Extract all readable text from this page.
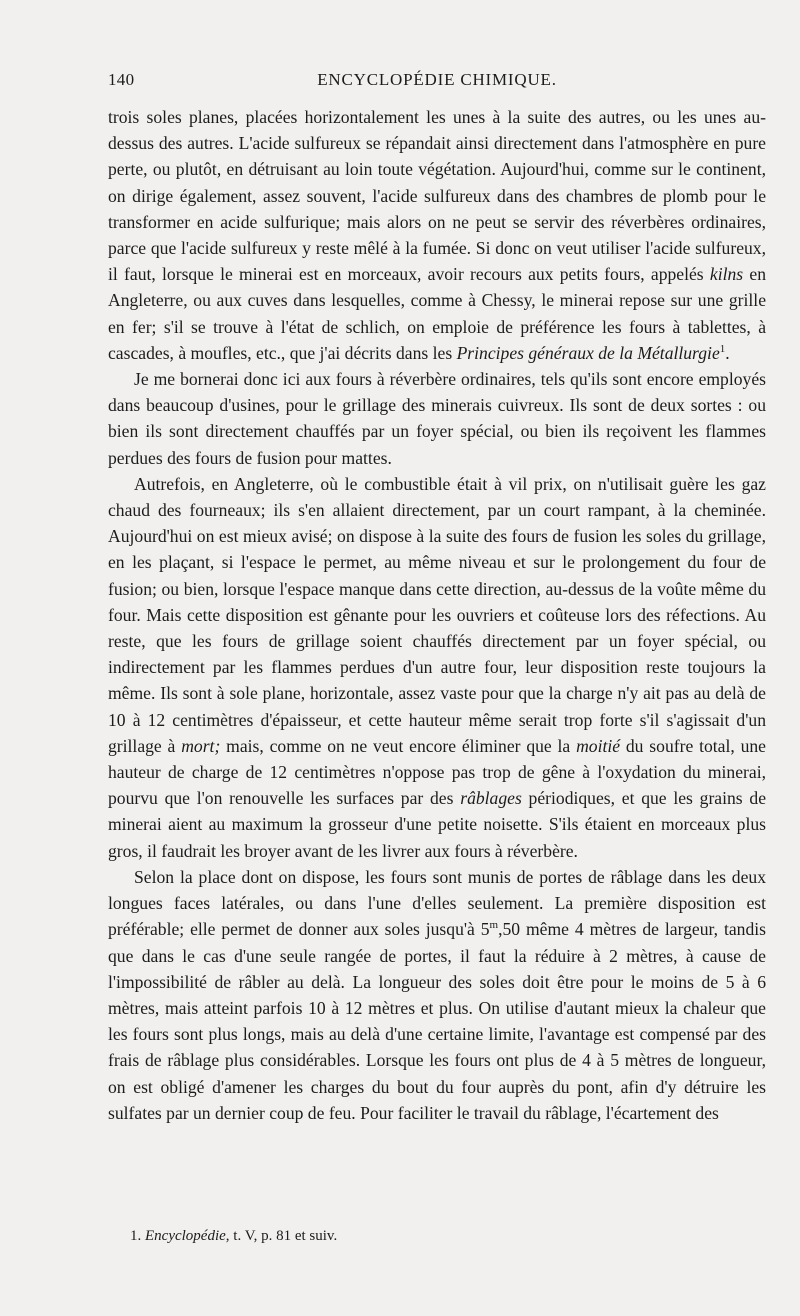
140	ENCYCLOPÉDIE CHIMIQUE.

trois soles planes, placées horizontalement les unes à la suite des autres, ou les unes au-dessus des autres. L'acide sulfureux se répandait ainsi directement dans l'atmosphère en pure perte, ou plutôt, en détruisant au loin toute végétation. Aujourd'hui, comme sur le continent, on dirige également, assez souvent, l'acide sulfureux dans des chambres de plomb pour le transformer en acide sulfurique; mais alors on ne peut se servir des réverbères ordinaires, parce que l'acide sulfureux y reste mêlé à la fumée. Si donc on veut utiliser l'acide sulfureux, il faut, lorsque le minerai est en morceaux, avoir recours aux petits fours, appelés kilns en Angleterre, ou aux cuves dans lesquelles, comme à Chessy, le minerai repose sur une grille en fer; s'il se trouve à l'état de schlich, on emploie de préférence les fours à tablettes, à cascades, à moufles, etc., que j'ai décrits dans les Principes généraux de la Métallurgie$^1$.

Je me bornerai donc ici aux fours à réverbère ordinaires, tels qu'ils sont encore employés dans beaucoup d'usines, pour le grillage des minerais cuivreux. Ils sont de deux sortes : ou bien ils sont directement chauffés par un foyer spécial, ou bien ils reçoivent les flammes perdues des fours de fusion pour mattes.

Autrefois, en Angleterre, où le combustible était à vil prix, on n'utilisait guère les gaz chaud des fourneaux; ils s'en allaient directement, par un court rampant, à la cheminée. Aujourd'hui on est mieux avisé; on dispose à la suite des fours de fusion les soles du grillage, en les plaçant, si l'espace le permet, au même niveau et sur le prolongement du four de fusion; ou bien, lorsque l'espace manque dans cette direction, au-dessus de la voûte même du four. Mais cette disposition est gênante pour les ouvriers et coûteuse lors des réfections. Au reste, que les fours de grillage soient chauffés directement par un foyer spécial, ou indirectement par les flammes perdues d'un autre four, leur disposition reste toujours la même. Ils sont à sole plane, horizontale, assez vaste pour que la charge n'y ait pas au delà de 10 à 12 centimètres d'épaisseur, et cette hauteur même serait trop forte s'il s'agissait d'un grillage à mort; mais, comme on ne veut encore éliminer que la moitié du soufre total, une hauteur de charge de 12 centimètres n'oppose pas trop de gêne à l'oxydation du minerai, pourvu que l'on renouvelle les surfaces par des râblages périodiques, et que les grains de minerai aient au maximum la grosseur d'une petite noisette. S'ils étaient en morceaux plus gros, il faudrait les broyer avant de les livrer aux fours à réverbère.

Selon la place dont on dispose, les fours sont munis de portes de râblage dans les deux longues faces latérales, ou dans l'une d'elles seulement. La première disposition est préférable; elle permet de donner aux soles jusqu'à 5$^m$,50 même 4 mètres de largeur, tandis que dans le cas d'une seule rangée de portes, il faut la réduire à 2 mètres, à cause de l'impossibilité de râbler au delà. La longueur des soles doit être pour le moins de 5 à 6 mètres, mais atteint parfois 10 à 12 mètres et plus. On utilise d'autant mieux la chaleur que les fours sont plus longs, mais au delà d'une certaine limite, l'avantage est compensé par des frais de râblage plus considérables. Lorsque les fours ont plus de 4 à 5 mètres de longueur, on est obligé d'amener les charges du bout du four auprès du pont, afin d'y détruire les sulfates par un dernier coup de feu. Pour faciliter le travail du râblage, l'écartement des

1. Encyclopédie, t. V, p. 81 et suiv.
